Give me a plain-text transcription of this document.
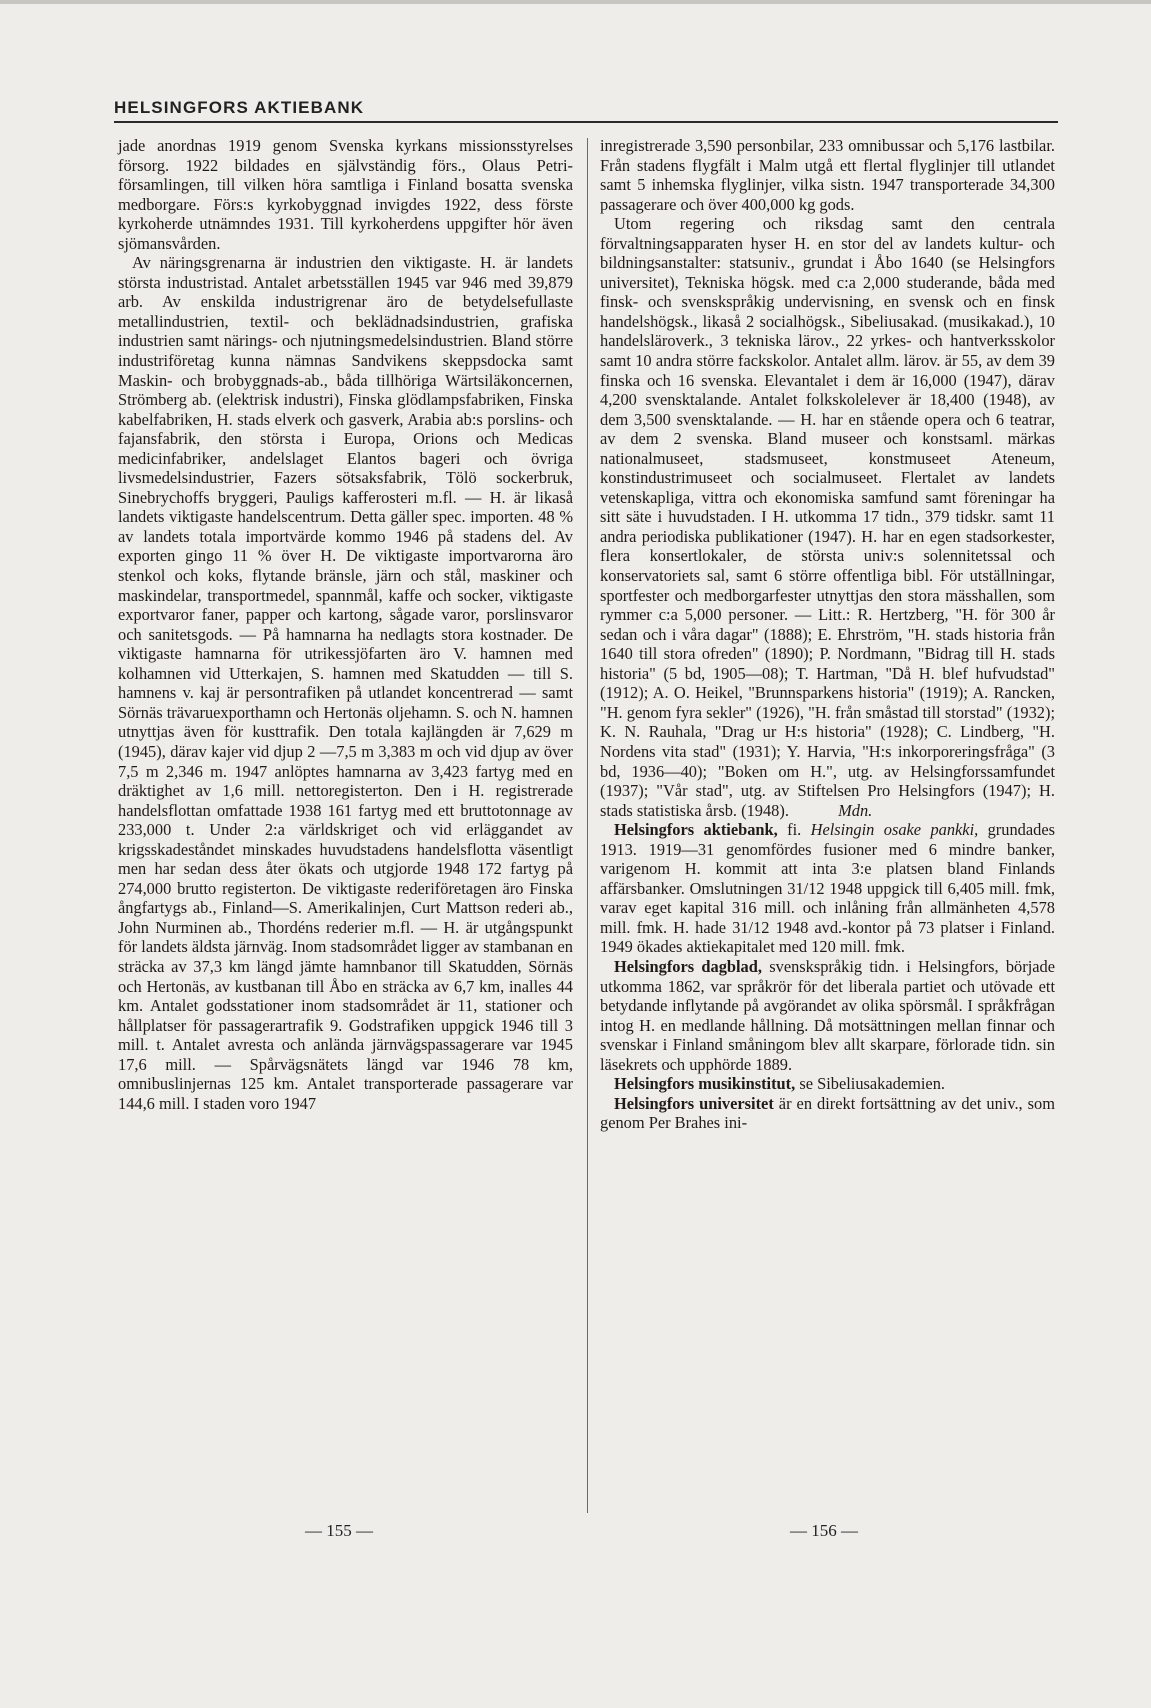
HELSINGFORS AKTIEBANK

jade anordnas 1919 genom Svenska kyrkans missionsstyrelses försorg. 1922 bildades en självständig förs., Olaus Petri-församlingen, till vilken höra samtliga i Finland bosatta svenska medborgare. Förs:s kyrkobyggnad invigdes 1922, dess förste kyrkoherde utnämndes 1931. Till kyrkoherdens uppgifter hör även sjömansvården.

Av näringsgrenarna är industrien den viktigaste. H. är landets största industristad. Antalet arbetsställen 1945 var 946 med 39,879 arb. Av enskilda industrigrenar äro de betydelsefullaste metallindustrien, textil- och beklädnadsindustrien, grafiska industrien samt närings- och njutningsmedelsindustrien. Bland större industriföretag kunna nämnas Sandvikens skeppsdocka samt Maskin- och brobyggnads-ab., båda tillhöriga Wärtsiläkoncernen, Strömberg ab. (elektrisk industri), Finska glödlampsfabriken, Finska kabelfabriken, H. stads elverk och gasverk, Arabia ab:s porslins- och fajansfabrik, den största i Europa, Orions och Medicas medicinfabriker, andelslaget Elantos bageri och övriga livsmedelsindustrier, Fazers sötsaksfabrik, Tölö sockerbruk, Sinebrychoffs bryggeri, Pauligs kafferosteri m.fl. — H. är likaså landets viktigaste handelscentrum. Detta gäller spec. importen. 48 % av landets totala importvärde kommo 1946 på stadens del. Av exporten gingo 11 % över H. De viktigaste importvarorna äro stenkol och koks, flytande bränsle, järn och stål, maskiner och maskindelar, transportmedel, spannmål, kaffe och socker, viktigaste exportvaror faner, papper och kartong, sågade varor, porslinsvaror och sanitetsgods. — På hamnarna ha nedlagts stora kostnader. De viktigaste hamnarna för utrikessjöfarten äro V. hamnen med kolhamnen vid Utterkajen, S. hamnen med Skatudden — till S. hamnens v. kaj är persontrafiken på utlandet koncentrerad — samt Sörnäs trävaruexporthamn och Hertonäs oljehamn. S. och N. hamnen utnyttjas även för kusttrafik. Den totala kajlängden är 7,629 m (1945), därav kajer vid djup 2 —7,5 m 3,383 m och vid djup av över 7,5 m 2,346 m. 1947 anlöptes hamnarna av 3,423 fartyg med en dräktighet av 1,6 mill. nettoregisterton. Den i H. registrerade handelsflottan omfattade 1938 161 fartyg med ett bruttotonnage av 233,000 t. Under 2:a världskriget och vid erläggandet av krigsskadeståndet minskades huvudstadens handelsflotta väsentligt men har sedan dess åter ökats och utgjorde 1948 172 fartyg på 274,000 brutto registerton. De viktigaste rederiföretagen äro Finska ångfartygs ab., Finland—S. Amerikalinjen, Curt Mattson rederi ab., John Nurminen ab., Thordéns rederier m.fl. — H. är utgångspunkt för landets äldsta järnväg. Inom stadsområdet ligger av stambanan en sträcka av 37,3 km längd jämte hamnbanor till Skatudden, Sörnäs och Hertonäs, av kustbanan till Åbo en sträcka av 6,7 km, inalles 44 km. Antalet godsstationer inom stadsområdet är 11, stationer och hållplatser för passagerartrafik 9. Godstrafiken uppgick 1946 till 3 mill. t. Antalet avresta och anlända järnvägspassagerare var 1945 17,6 mill. — Spårvägsnätets längd var 1946 78 km, omnibuslinjernas 125 km. Antalet transporterade passagerare var 144,6 mill. I staden voro 1947

inregistrerade 3,590 personbilar, 233 omnibussar och 5,176 lastbilar. Från stadens flygfält i Malm utgå ett flertal flyglinjer till utlandet samt 5 inhemska flyglinjer, vilka sistn. 1947 transporterade 34,300 passagerare och över 400,000 kg gods.

Utom regering och riksdag samt den centrala förvaltningsapparaten hyser H. en stor del av landets kultur- och bildningsanstalter: statsuniv., grundat i Åbo 1640 (se Helsingfors universitet), Tekniska högsk. med c:a 2,000 studerande, båda med finsk- och svenskspråkig undervisning, en svensk och en finsk handelshögsk., likaså 2 socialhögsk., Sibeliusakad. (musikakad.), 10 handelsläroverk., 3 tekniska lärov., 22 yrkes- och hantverksskolor samt 10 andra större fackskolor. Antalet allm. lärov. är 55, av dem 39 finska och 16 svenska. Elevantalet i dem är 16,000 (1947), därav 4,200 svensktalande. Antalet folkskolelever är 18,400 (1948), av dem 3,500 svensktalande. — H. har en stående opera och 6 teatrar, av dem 2 svenska. Bland museer och konstsaml. märkas nationalmuseet, stadsmuseet, konstmuseet Ateneum, konstindustrimuseet och socialmuseet. Flertalet av landets vetenskapliga, vittra och ekonomiska samfund samt föreningar ha sitt säte i huvudstaden. I H. utkomma 17 tidn., 379 tidskr. samt 11 andra periodiska publikationer (1947). H. har en egen stadsorkester, flera konsertlokaler, de största univ:s solennitetssal och konservatoriets sal, samt 6 större offentliga bibl. För utställningar, sportfester och medborgarfester utnyttjas den stora mässhallen, som rymmer c:a 5,000 personer. — Litt.: R. Hertzberg, "H. för 300 år sedan och i våra dagar" (1888); E. Ehrström, "H. stads historia från 1640 till stora ofreden" (1890); P. Nordmann, "Bidrag till H. stads historia" (5 bd, 1905—08); T. Hartman, "Då H. blef hufvudstad" (1912); A. O. Heikel, "Brunnsparkens historia" (1919); A. Rancken, "H. genom fyra sekler" (1926), "H. från småstad till storstad" (1932); K. N. Rauhala, "Drag ur H:s historia" (1928); C. Lindberg, "H. Nordens vita stad" (1931); Y. Harvia, "H:s inkorporeringsfråga" (3 bd, 1936—40); "Boken om H.", utg. av Helsingforssamfundet (1937); "Vår stad", utg. av Stiftelsen Pro Helsingfors (1947); H. stads statistiska årsb. (1948).	Mdn.

Helsingfors aktiebank, fi. Helsingin osake pankki, grundades 1913. 1919—31 genomfördes fusioner med 6 mindre banker, varigenom H. kommit att inta 3:e platsen bland Finlands affärsbanker. Omslutningen 31/12 1948 uppgick till 6,405 mill. fmk, varav eget kapital 316 mill. och inlåning från allmänheten 4,578 mill. fmk. H. hade 31/12 1948 avd.-kontor på 73 platser i Finland. 1949 ökades aktiekapitalet med 120 mill. fmk.

Helsingfors dagblad, svenskspråkig tidn. i Helsingfors, började utkomma 1862, var språkrör för det liberala partiet och utövade ett betydande inflytande på avgörandet av olika spörsmål. I språkfrågan intog H. en medlande hållning. Då motsättningen mellan finnar och svenskar i Finland småningom blev allt skarpare, förlorade tidn. sin läsekrets och upphörde 1889.

Helsingfors musikinstitut, se Sibeliusakademien.

Helsingfors universitet är en direkt fortsättning av det univ., som genom Per Brahes ini-

— 155 —	— 156 —
